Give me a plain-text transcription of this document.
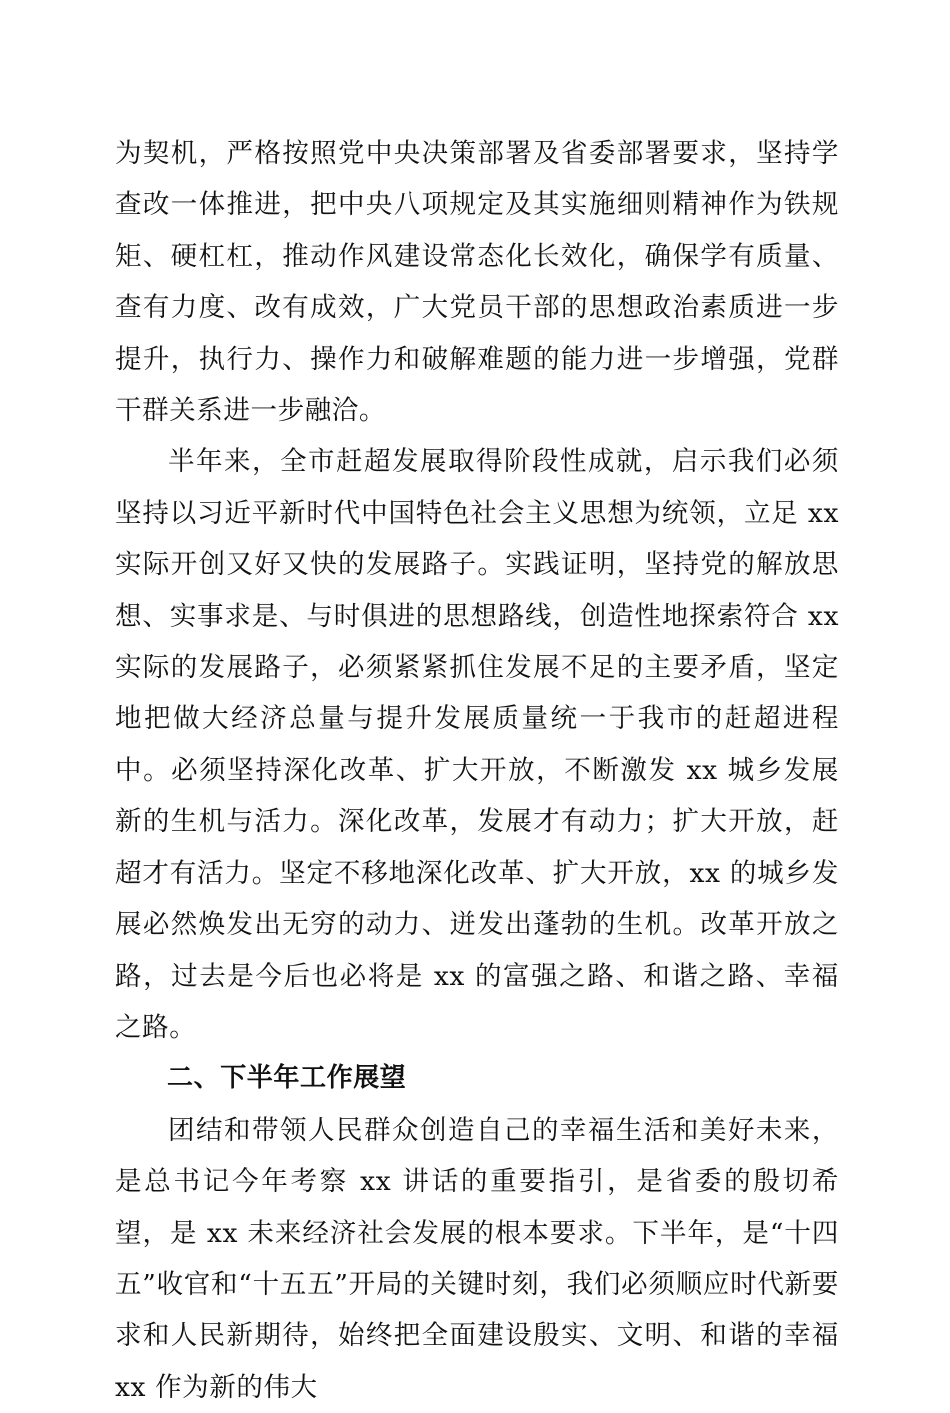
为契机，严格按照党中央决策部署及省委部署要求，坚持学查改一体推进，把中央八项规定及其实施细则精神作为铁规矩、硬杠杠，推动作风建设常态化长效化，确保学有质量、查有力度、改有成效，广大党员干部的思想政治素质进一步提升，执行力、操作力和破解难题的能力进一步增强，党群干群关系进一步融洽。

半年来，全市赶超发展取得阶段性成就，启示我们必须坚持以习近平新时代中国特色社会主义思想为统领，立足 xx 实际开创又好又快的发展路子。实践证明，坚持党的解放思想、实事求是、与时俱进的思想路线，创造性地探索符合 xx 实际的发展路子，必须紧紧抓住发展不足的主要矛盾，坚定地把做大经济总量与提升发展质量统一于我市的赶超进程中。必须坚持深化改革、扩大开放，不断激发 xx 城乡发展新的生机与活力。深化改革，发展才有动力；扩大开放，赶超才有活力。坚定不移地深化改革、扩大开放，xx 的城乡发展必然焕发出无穷的动力、迸发出蓬勃的生机。改革开放之路，过去是今后也必将是 xx 的富强之路、和谐之路、幸福之路。

二、下半年工作展望

团结和带领人民群众创造自己的幸福生活和美好未来，是总书记今年考察 xx 讲话的重要指引，是省委的殷切希望，是 xx 未来经济社会发展的根本要求。下半年，是“十四五”收官和“十五五”开局的关键时刻，我们必须顺应时代新要求和人民新期待，始终把全面建设殷实、文明、和谐的幸福 xx 作为新的伟大
